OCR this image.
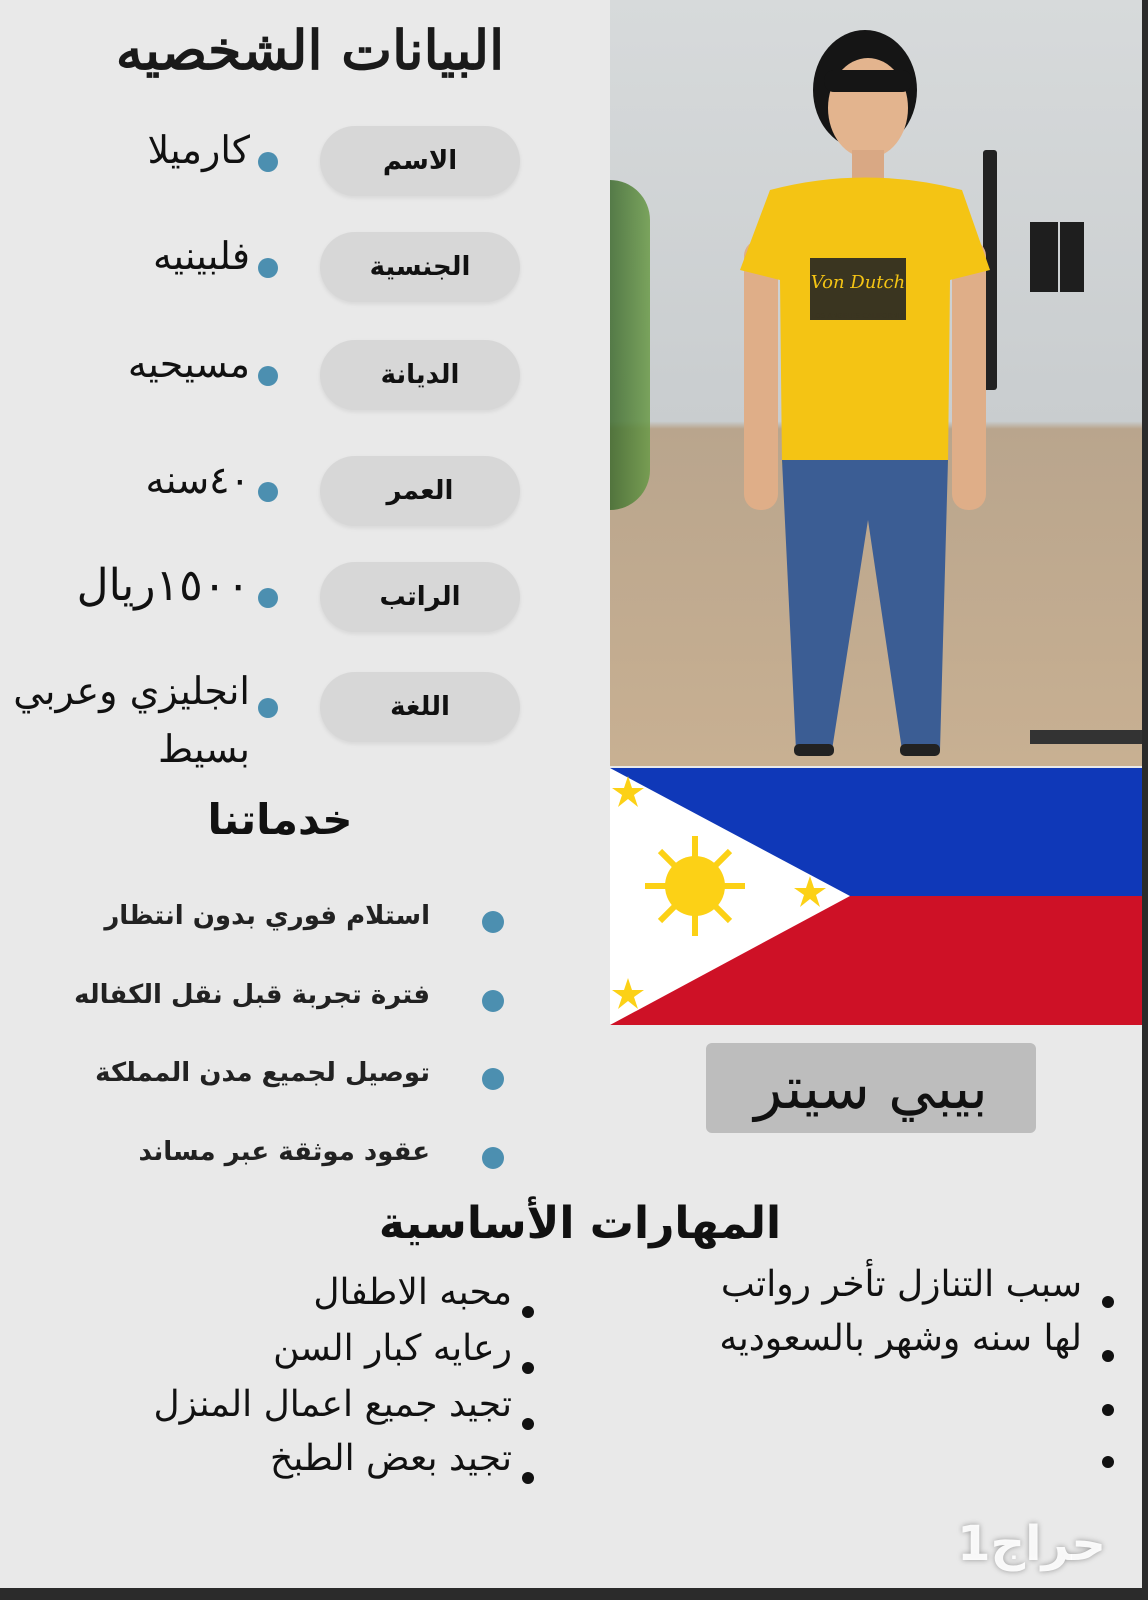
البيانات الشخصيه
الاسم
كارميلا
الجنسية
فلبينيه
الديانة
مسيحيه
العمر
٤٠سنه
الراتب
١٥٠٠ريال
اللغة
انجليزي وعربي بسيط
خدماتنا
استلام فوري بدون انتظار
فترة تجربة قبل نقل الكفاله
توصيل لجميع مدن المملكة
عقود موثقة عبر مساند
Von Dutch
LOS ANGELES CALIFORNIA
بيبي سيتر
المهارات الأساسية
محبه الاطفال
رعايه كبار السن
تجيد جميع اعمال المنزل
تجيد بعض الطبخ
سبب التنازل تأخر رواتب
لها سنه وشهر بالسعوديه
حراج1
